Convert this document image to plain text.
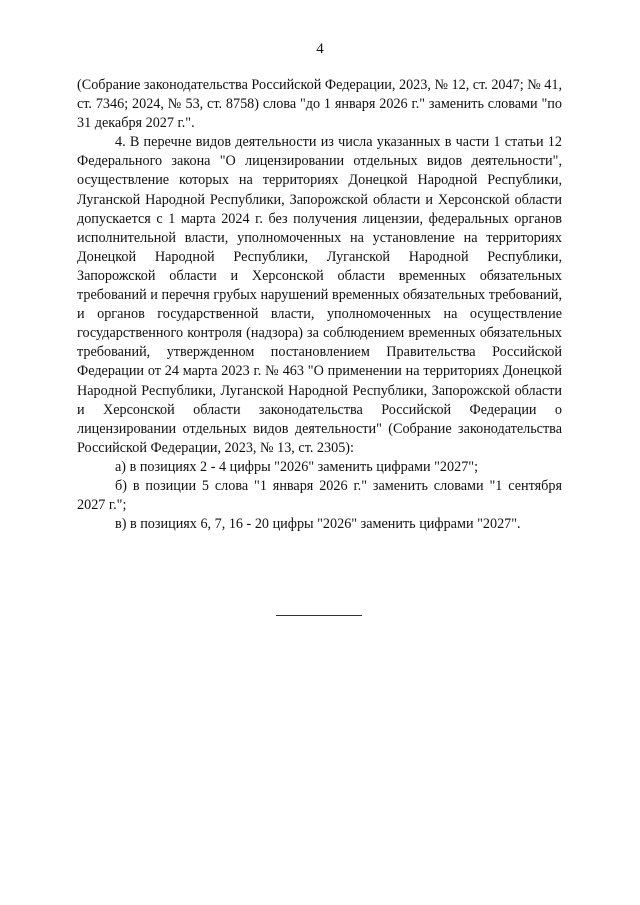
4

(Собрание законодательства Российской Федерации, 2023, № 12, ст. 2047; № 41, ст. 7346; 2024, № 53, ст. 8758) слова "до 1 января 2026 г." заменить словами "по 31 декабря 2027 г.".

4. В перечне видов деятельности из числа указанных в части 1 статьи 12 Федерального закона "О лицензировании отдельных видов деятельности", осуществление которых на территориях Донецкой Народной Республики, Луганской Народной Республики, Запорожской области и Херсонской области допускается с 1 марта 2024 г. без получения лицензии, федеральных органов исполнительной власти, уполномоченных на установление на территориях Донецкой Народной Республики, Луганской Народной Республики, Запорожской области и Херсонской области временных обязательных требований и перечня грубых нарушений временных обязательных требований, и органов государственной власти, уполномоченных на осуществление государственного контроля (надзора) за соблюдением временных обязательных требований, утвержденном постановлением Правительства Российской Федерации от 24 марта 2023 г. № 463 "О применении на территориях Донецкой Народной Республики, Луганской Народной Республики, Запорожской области и Херсонской области законодательства Российской Федерации о лицензировании отдельных видов деятельности" (Собрание законодательства Российской Федерации, 2023, № 13, ст. 2305):

а) в позициях 2 - 4 цифры "2026" заменить цифрами "2027";

б) в позиции 5 слова "1 января 2026 г." заменить словами "1 сентября 2027 г.";

в) в позициях 6, 7, 16 - 20 цифры "2026" заменить цифрами "2027".
